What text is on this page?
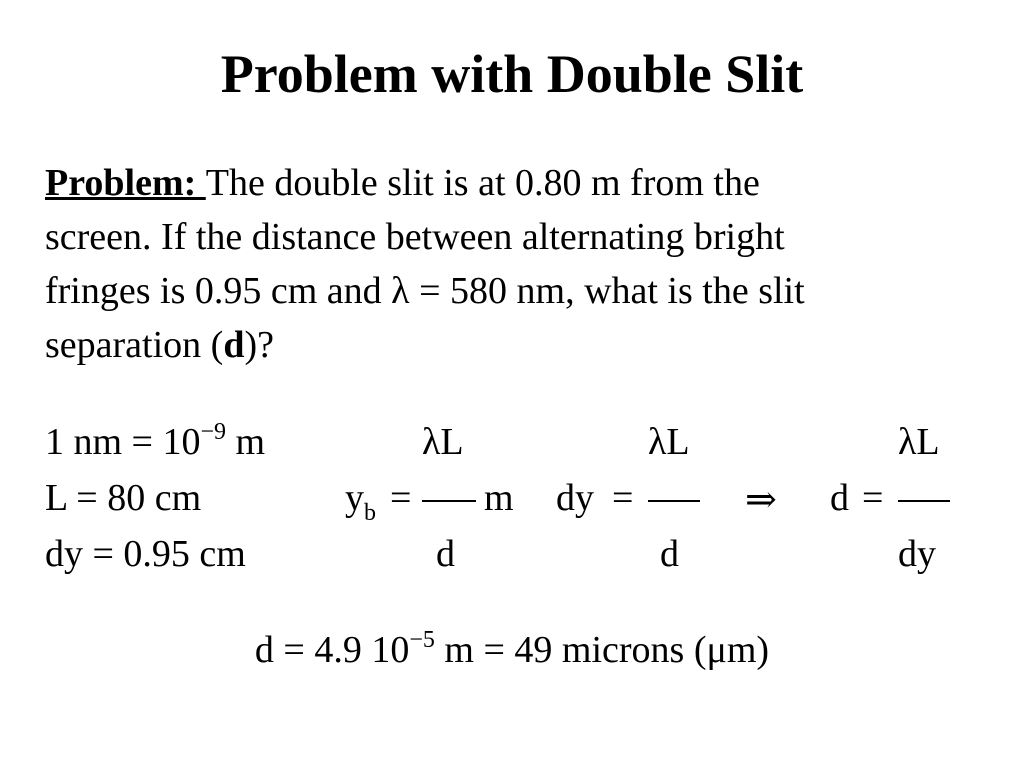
Problem with Double Slit
Problem: The double slit is at 0.80 m from the
screen. If the distance between alternating bright
fringes is 0.95 cm and λ = 580 nm, what is the slit
separation (d)?
1 nm = $10^{-9}$ m
L = 80 cm
dy = 0.95 cm
λL
$y_b = m$
d
λL
dy =
d
⇒
λL
d =
dy
d = 4.9 $10^{-5}$ m = 49 microns (μm)
